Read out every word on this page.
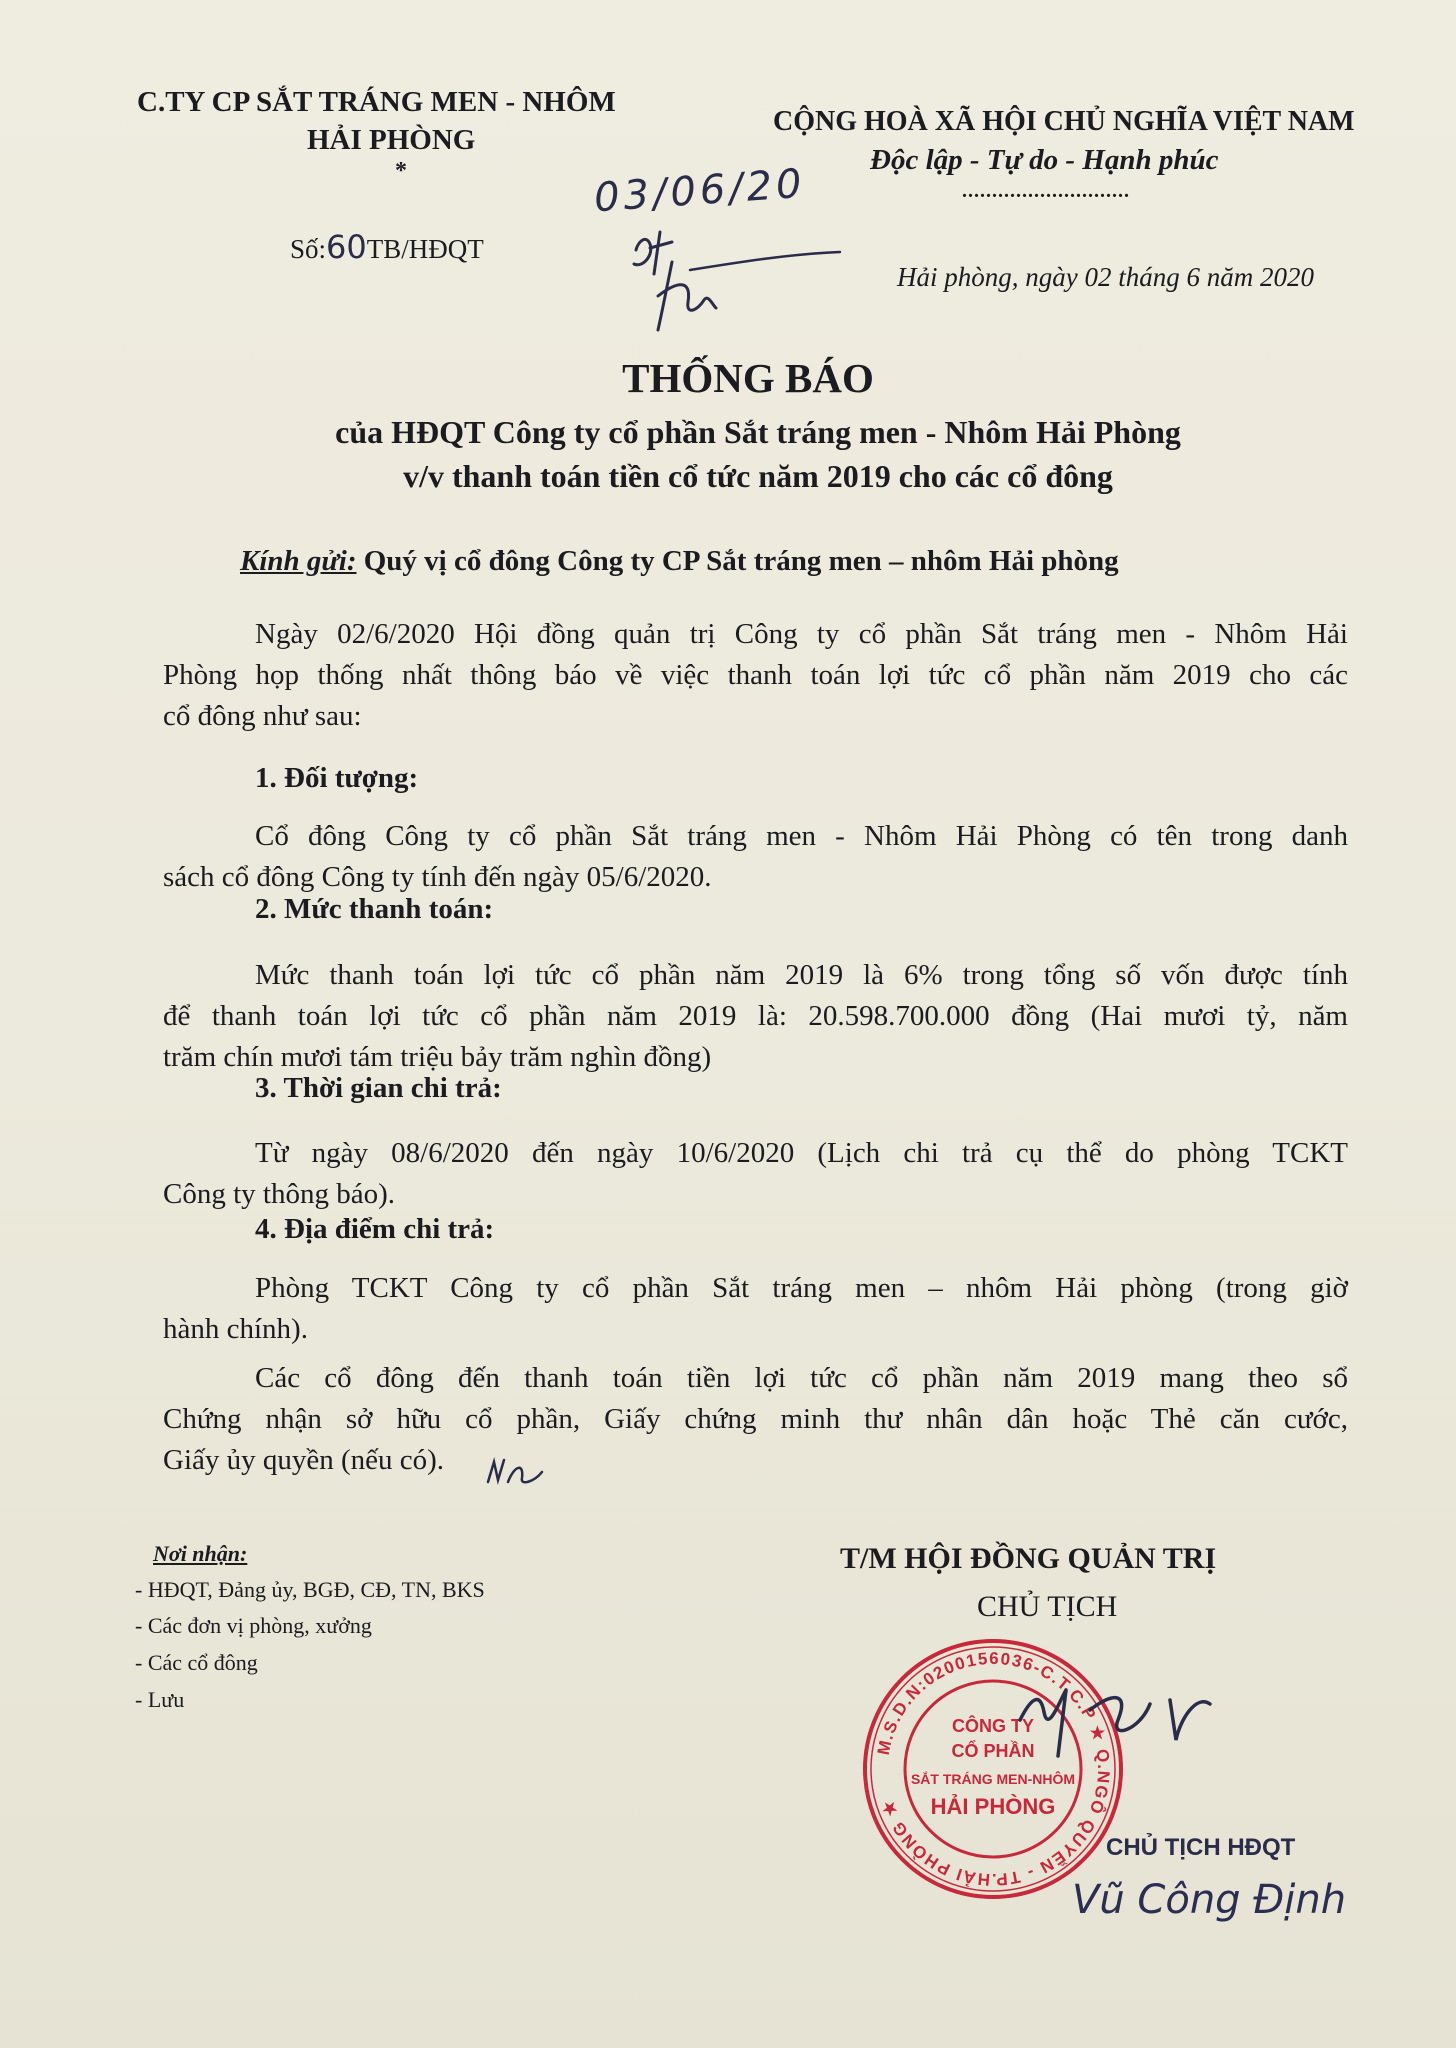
C.TY CP SẮT TRÁNG MEN - NHÔM
HẢI PHÒNG
*
Số:60TB/HĐQT
CỘNG HOÀ XÃ HỘI CHỦ NGHĨA VIỆT NAM
Độc lập - Tự do - Hạnh phúc
............................
Hải phòng, ngày 02 tháng 6 năm 2020
03/06/20
THỐNG BÁO
của HĐQT Công ty cổ phần Sắt tráng men - Nhôm Hải Phòng
v/v thanh toán tiền cổ tức năm 2019 cho các cổ đông
Kính gửi: Quý vị cổ đông Công ty CP Sắt tráng men – nhôm Hải phòng
Ngày 02/6/2020 Hội đồng quản trị Công ty cổ phần Sắt tráng men - Nhôm Hải
Phòng họp thống nhất thông báo về việc thanh toán lợi tức cổ phần năm 2019 cho các
cổ đông như sau:
1. Đối tượng:
Cổ đông Công ty cổ phần Sắt tráng men - Nhôm Hải Phòng có tên trong danh
sách cổ đông Công ty tính đến ngày 05/6/2020.
2. Mức thanh toán:
Mức thanh toán lợi tức cổ phần năm 2019 là 6% trong tổng số vốn được tính
để thanh toán lợi tức cổ phần năm 2019 là: 20.598.700.000 đồng (Hai mươi tỷ, năm
trăm chín mươi tám triệu bảy trăm nghìn đồng)
3. Thời gian chi trả:
Từ ngày 08/6/2020 đến ngày 10/6/2020 (Lịch chi trả cụ thể do phòng TCKT
Công ty thông báo).
4. Địa điểm chi trả:
Phòng TCKT Công ty cổ phần Sắt tráng men – nhôm Hải phòng (trong giờ
hành chính).
Các cổ đông đến thanh toán tiền lợi tức cổ phần năm 2019 mang theo sổ
Chứng nhận sở hữu cổ phần, Giấy chứng minh thư nhân dân hoặc Thẻ căn cước,
Giấy ủy quyền (nếu có).
Nơi nhận:
- HĐQT, Đảng ủy, BGĐ, CĐ, TN, BKS
- Các đơn vị phòng, xưởng
- Các cổ đông
- Lưu
T/M HỘI ĐỒNG QUẢN TRỊ
CHỦ TỊCH
M.S.D.N:0200156036-C.T.C.P ★ Q.NGÔ QUYỀN - TP.HẢI PHÒNG ★
CÔNG TY
CỔ PHẦN
SẮT TRÁNG MEN-NHÔM
HẢI PHÒNG
CHỦ TỊCH HĐQT
Vũ Công Định
